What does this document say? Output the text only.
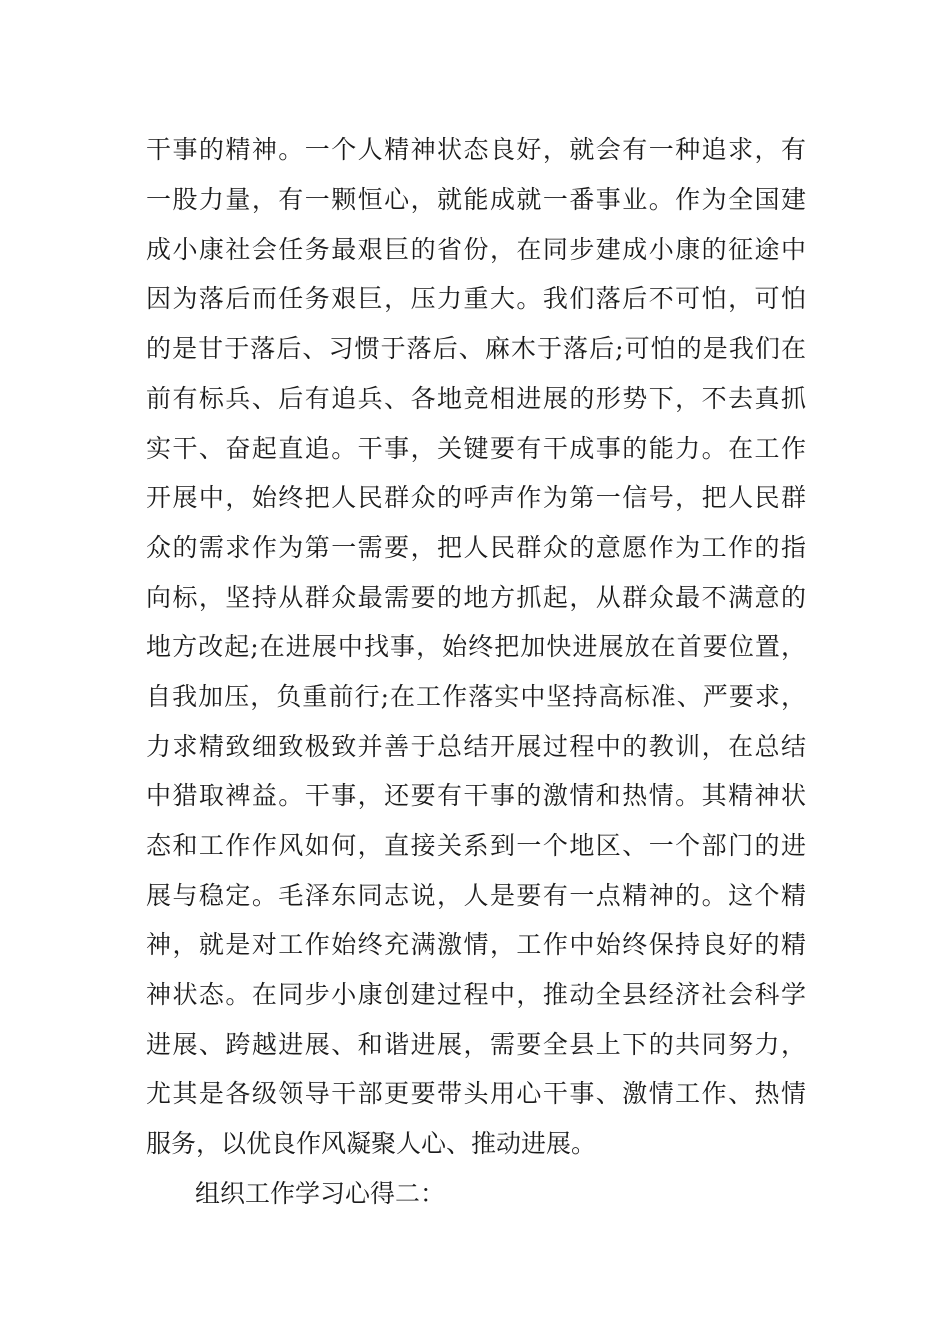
干事的精神。一个人精神状态良好，就会有一种追求，有
一股力量，有一颗恒心，就能成就一番事业。作为全国建
成小康社会任务最艰巨的省份，在同步建成小康的征途中
因为落后而任务艰巨，压力重大。我们落后不可怕，可怕
的是甘于落后、习惯于落后、麻木于落后;可怕的是我们在
前有标兵、后有追兵、各地竞相进展的形势下，不去真抓
实干、奋起直追。干事，关键要有干成事的能力。在工作
开展中，始终把人民群众的呼声作为第一信号，把人民群
众的需求作为第一需要，把人民群众的意愿作为工作的指
向标，坚持从群众最需要的地方抓起，从群众最不满意的
地方改起;在进展中找事，始终把加快进展放在首要位置，
自我加压，负重前行;在工作落实中坚持高标准、严要求，
力求精致细致极致并善于总结开展过程中的教训，在总结
中猎取裨益。干事，还要有干事的激情和热情。其精神状
态和工作作风如何，直接关系到一个地区、一个部门的进
展与稳定。毛泽东同志说，人是要有一点精神的。这个精
神，就是对工作始终充满激情，工作中始终保持良好的精
神状态。在同步小康创建过程中，推动全县经济社会科学
进展、跨越进展、和谐进展，需要全县上下的共同努力，
尤其是各级领导干部更要带头用心干事、激情工作、热情
服务，以优良作风凝聚人心、推动进展。
组织工作学习心得二：
